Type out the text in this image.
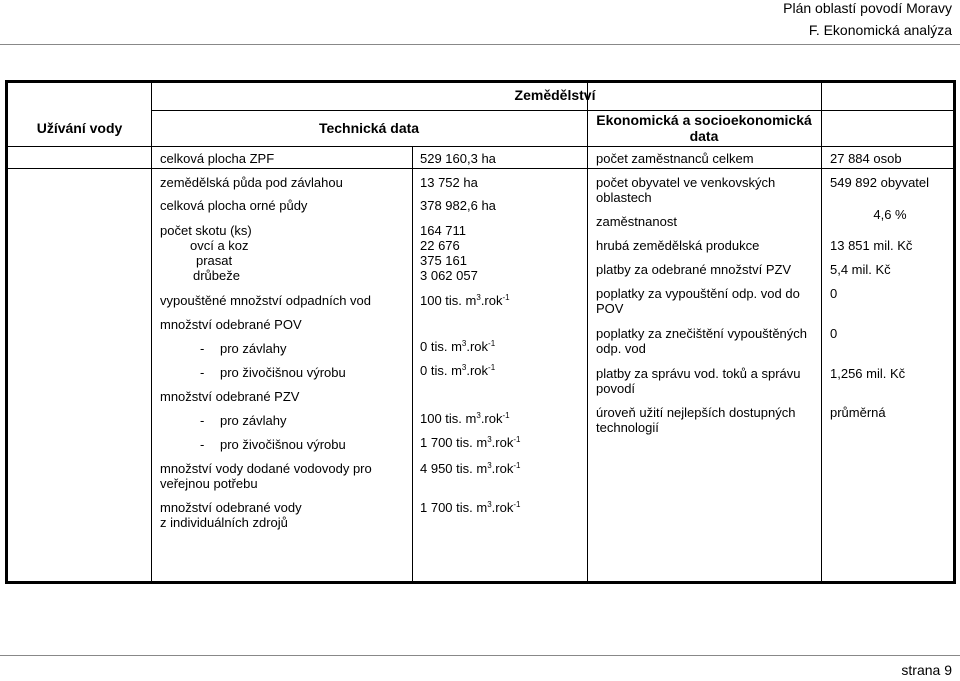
Plán oblastí povodí Moravy
F. Ekonomická analýza
Zemědělství
Užívání vody	Technická data	Ekonomická a socioekonomická
data
celková plocha ZPF
zemědělská půda pod závlahou
celková plocha orné půdy
počet skotu (ks)
ovcí a koz
prasat
drůbeže
vypouštěné množství odpadních vod
množství odebrané POV
- pro závlahy
- pro živočišnou výrobu
množství odebrané PZV
- pro závlahy
- pro živočišnou výrobu
množství vody dodané vodovody pro
veřejnou potřebu
množství odebrané vody
z individuálních zdrojů
529 160,3 ha
13 752 ha
378 982,6 ha
164 711
22 676
375 161
3 062 057
100 tis. $m^3.rok^{-1}$
0 tis. $m^3.rok^{-1}$
0 tis. $m^3.rok^{-1}$
100 tis. $m^3.rok^{-1}$
1 700 tis. $m^3.rok^{-1}$
4 950 tis. $m^3.rok^{-1}$
1 700 tis. $m^3.rok^{-1}$
počet zaměstnanců celkem
počet obyvatel ve venkovských
oblastech
zaměstnanost
hrubá zemědělská produkce
platby za odebrané množství PZV
poplatky za vypouštění odp. vod do
POV
poplatky za znečištění vypouštěných
odp. vod
platby za správu vod. toků a správu
povodí
úroveň užití nejlepších dostupných
technologií
27 884 osob
549 892 obyvatel
4,6 %
13 851 mil. Kč
5,4 mil. Kč
0
0
1,256 mil. Kč
průměrná
strana 9
